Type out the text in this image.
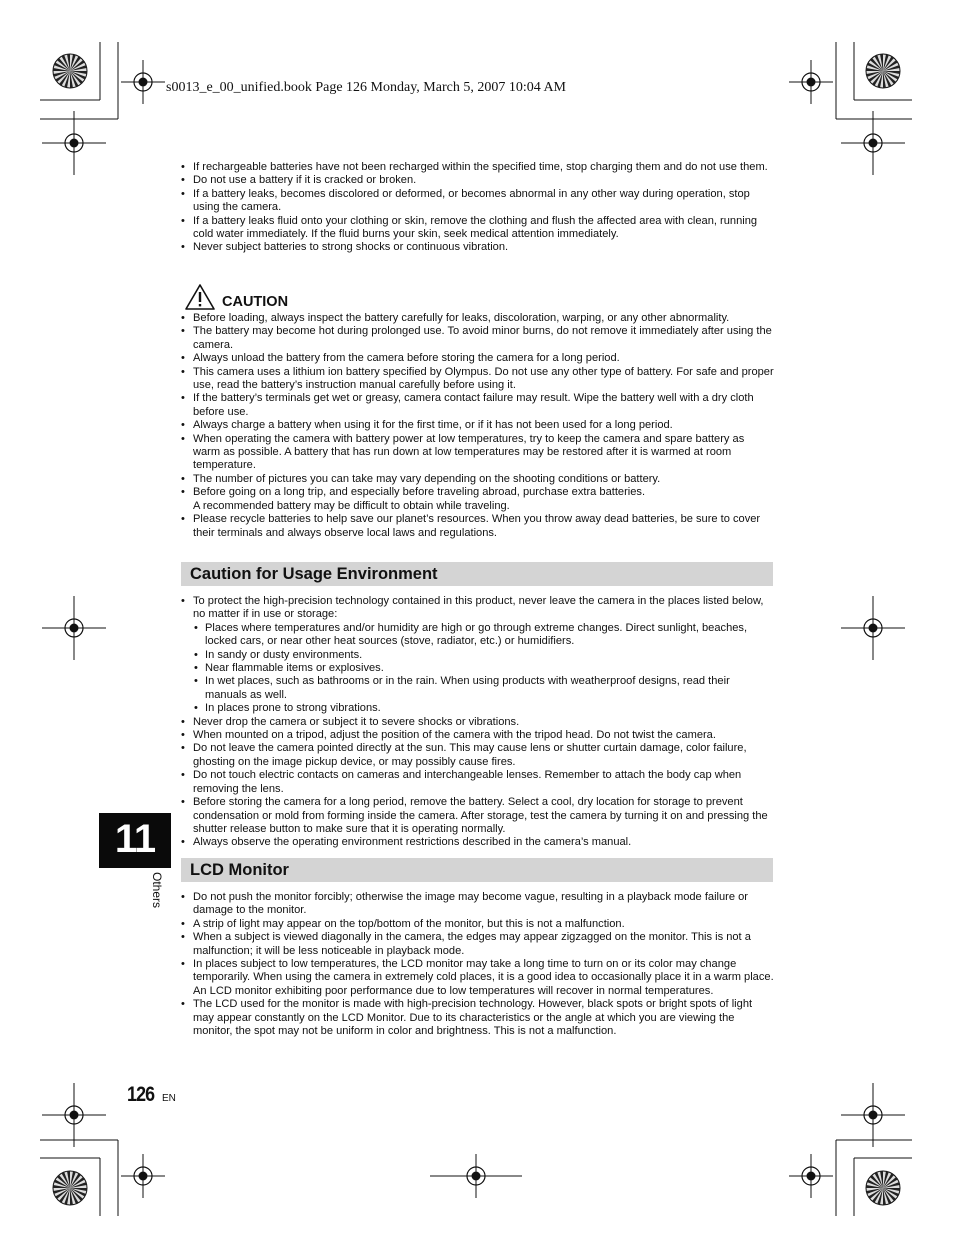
s0013_e_00_unified.book Page 126 Monday, March 5, 2007 10:04 AM
• If rechargeable batteries have not been recharged within the specified time, stop charging them and do not use them.
• Do not use a battery if it is cracked or broken.
• If a battery leaks, becomes discolored or deformed, or becomes abnormal in any other way during operation, stop using the camera.
• If a battery leaks fluid onto your clothing or skin, remove the clothing and flush the affected area with clean, running cold water immediately. If the fluid burns your skin, seek medical attention immediately.
• Never subject batteries to strong shocks or continuous vibration.
CAUTION
• Before loading, always inspect the battery carefully for leaks, discoloration, warping, or any other abnormality.
• The battery may become hot during prolonged use. To avoid minor burns, do not remove it immediately after using the camera.
• Always unload the battery from the camera before storing the camera for a long period.
• This camera uses a lithium ion battery specified by Olympus. Do not use any other type of battery. For safe and proper use, read the battery’s instruction manual carefully before using it.
• If the battery’s terminals get wet or greasy, camera contact failure may result. Wipe the battery well with a dry cloth before use.
• Always charge a battery when using it for the first time, or if it has not been used for a long period.
• When operating the camera with battery power at low temperatures, try to keep the camera and spare battery as warm as possible. A battery that has run down at low temperatures may be restored after it is warmed at room temperature.
• The number of pictures you can take may vary depending on the shooting conditions or battery.
• Before going on a long trip, and especially before traveling abroad, purchase extra batteries.
A recommended battery may be difficult to obtain while traveling.
• Please recycle batteries to help save our planet’s resources. When you throw away dead batteries, be sure to cover their terminals and always observe local laws and regulations.
Caution for Usage Environment
• To protect the high-precision technology contained in this product, never leave the camera in the places listed below, no matter if in use or storage:
• Places where temperatures and/or humidity are high or go through extreme changes. Direct sunlight, beaches, locked cars, or near other heat sources (stove, radiator, etc.) or humidifiers.
• In sandy or dusty environments.
• Near flammable items or explosives.
• In wet places, such as bathrooms or in the rain. When using products with weatherproof designs, read their manuals as well.
• In places prone to strong vibrations.
• Never drop the camera or subject it to severe shocks or vibrations.
• When mounted on a tripod, adjust the position of the camera with the tripod head. Do not twist the camera.
• Do not leave the camera pointed directly at the sun. This may cause lens or shutter curtain damage, color failure, ghosting on the image pickup device, or may possibly cause fires.
• Do not touch electric contacts on cameras and interchangeable lenses. Remember to attach the body cap when removing the lens.
• Before storing the camera for a long period, remove the battery. Select a cool, dry location for storage to prevent condensation or mold from forming inside the camera. After storage, test the camera by turning it on and pressing the shutter release button to make sure that it is operating normally.
• Always observe the operating environment restrictions described in the camera’s manual.
LCD Monitor
• Do not push the monitor forcibly; otherwise the image may become vague, resulting in a playback mode failure or damage to the monitor.
• A strip of light may appear on the top/bottom of the monitor, but this is not a malfunction.
• When a subject is viewed diagonally in the camera, the edges may appear zigzagged on the monitor. This is not a malfunction; it will be less noticeable in playback mode.
• In places subject to low temperatures, the LCD monitor may take a long time to turn on or its color may change temporarily. When using the camera in extremely cold places, it is a good idea to occasionally place it in a warm place. An LCD monitor exhibiting poor performance due to low temperatures will recover in normal temperatures.
• The LCD used for the monitor is made with high-precision technology. However, black spots or bright spots of light may appear constantly on the LCD Monitor. Due to its characteristics or the angle at which you are viewing the monitor, the spot may not be uniform in color and brightness. This is not a malfunction.
11
Others
126 EN
